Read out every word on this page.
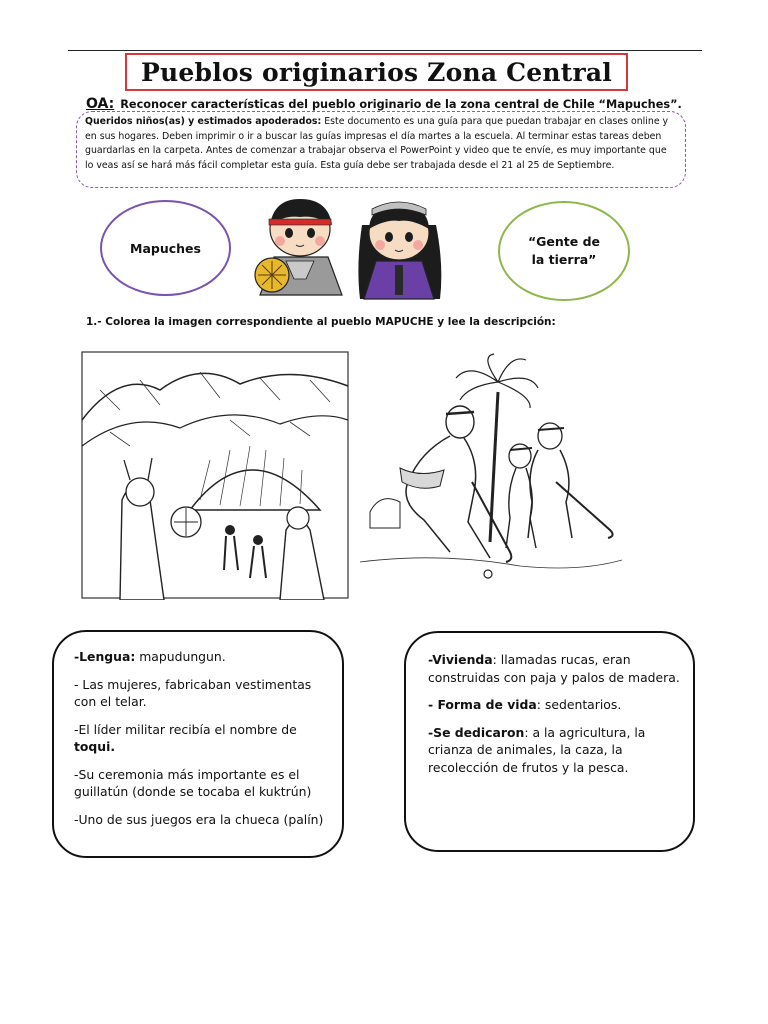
Pueblos originarios Zona Central
OA: Reconocer características del pueblo originario de la zona central de Chile “Mapuches”.

Queridos niños(as) y estimados apoderados: Este documento es una guía para que puedan trabajar en clases online y en sus hogares. Deben imprimir o ir a buscar las guías impresas el día martes a la escuela. Al terminar estas tareas deben guardarlas en la carpeta. Antes de comenzar a trabajar observa el PowerPoint y video que te envíe, es muy importante que lo veas así se hará más fácil completar esta guía. Esta guía debe ser trabajada desde el 21 al 25 de Septiembre.

Mapuches	“Gente de
la tierra”
1.- Colorea la imagen correspondiente al pueblo MAPUCHE y lee la descripción:

-Lengua: mapudungun.

- Las mujeres, fabricaban vestimentas con el telar.

-El líder militar recibía el nombre de toqui.

-Su ceremonia más importante es el guillatún (donde se tocaba el kuktrún)

-Uno de sus juegos era la chueca (palín)

-Vivienda: llamadas rucas, eran construidas con paja y palos de madera.

- Forma de vida: sedentarios.

-Se dedicaron: a la agricultura, la crianza de animales, la caza, la recolección de frutos y la pesca.
